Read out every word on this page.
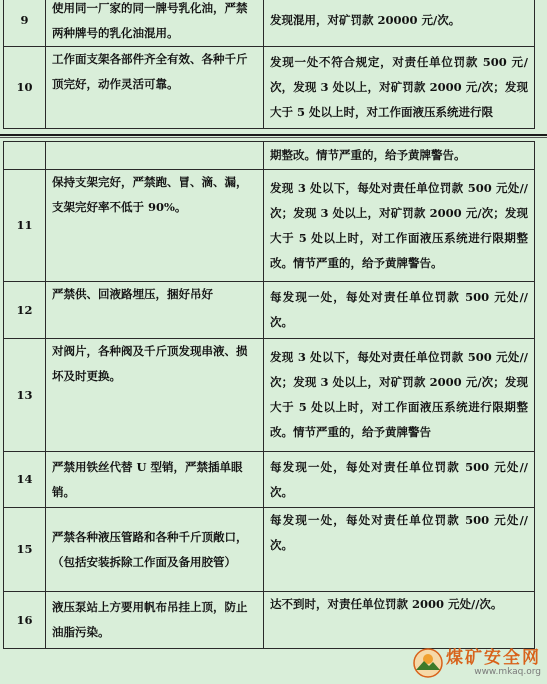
9	使用同一厂家的同一牌号乳化油，严禁两种牌号的乳化油混用。	发现混用，对矿罚款 20000 元/次。
10	工作面支架各部件齐全有效、各种千斤顶完好，动作灵活可靠。	发现一处不符合规定，对责任单位罚款 500 元/次，发现 3 处以上，对矿罚款 2000 元/次；发现大于 5 处以上时，对工作面液压系统进行限
		期整改。情节严重的，给予黄牌警告。
11	保持支架完好，严禁跑、冒、滴、漏，支架完好率不低于 90%。	发现 3 处以下，每处对责任单位罚款 500 元处//次；发现 3 处以上，对矿罚款 2000 元/次；发现大于 5 处以上时，对工作面液压系统进行限期整改。情节严重的，给予黄牌警告。
12	严禁供、回液路埋压，捆好吊好	每发现一处，每处对责任单位罚款 500 元处//次。
13	对阀片，各种阀及千斤顶发现串液、损坏及时更换。	发现 3 处以下，每处对责任单位罚款 500 元处//次；发现 3 处以上，对矿罚款 2000 元/次；发现大于 5 处以上时，对工作面液压系统进行限期整改。情节严重的，给予黄牌警告
14	严禁用铁丝代替 U 型销，严禁插单眼销。	每发现一处，每处对责任单位罚款 500 元处//次。
15	严禁各种液压管路和各种千斤顶敞口，（包括安装拆除工作面及备用胶管）	每发现一处，每处对责任单位罚款 500 元处//次。
16	液压泵站上方要用帆布吊挂上顶，防止油脂污染。	达不到时，对责任单位罚款 2000 元处//次。
煤矿安全网
www.mkaq.org
